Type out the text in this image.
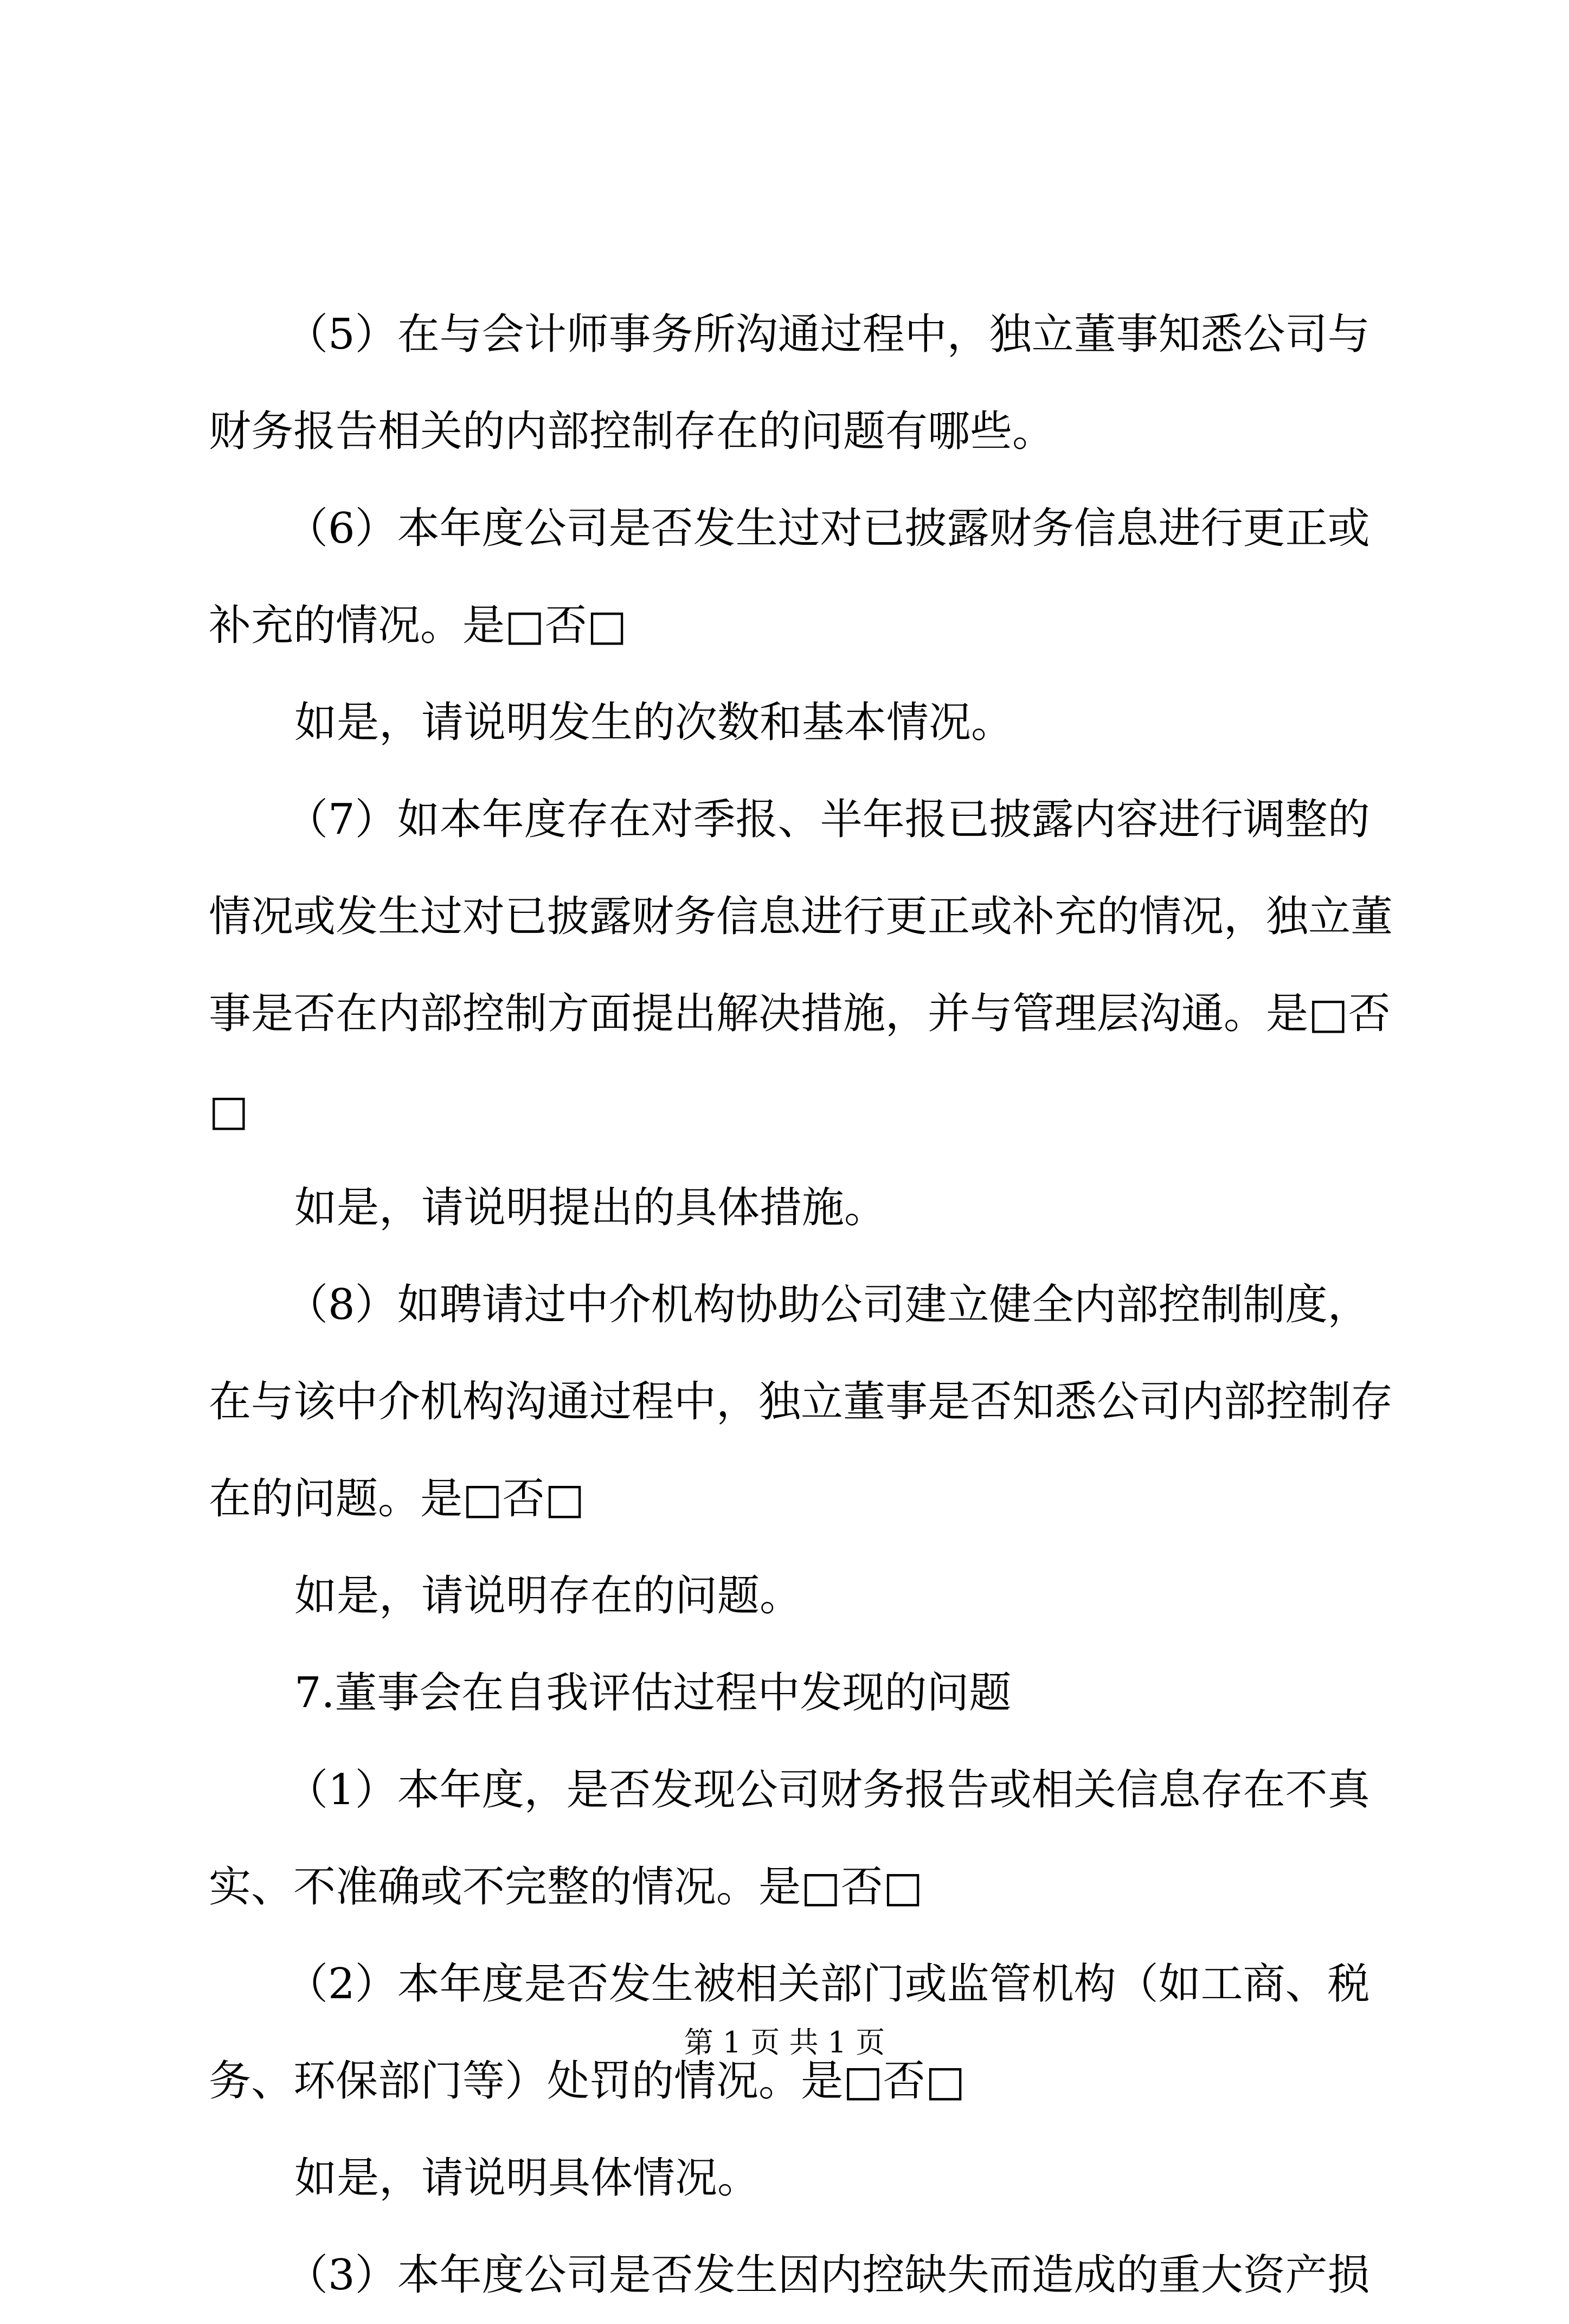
（5）在与会计师事务所沟通过程中，独立董事知悉公司与
财务报告相关的内部控制存在的问题有哪些。
（6）本年度公司是否发生过对已披露财务信息进行更正或
补充的情况。是□否□
如是，请说明发生的次数和基本情况。
（7）如本年度存在对季报、半年报已披露内容进行调整的
情况或发生过对已披露财务信息进行更正或补充的情况，独立董
事是否在内部控制方面提出解决措施，并与管理层沟通。是□否
□
如是，请说明提出的具体措施。
（8）如聘请过中介机构协助公司建立健全内部控制制度，
在与该中介机构沟通过程中，独立董事是否知悉公司内部控制存
在的问题。是□否□
如是，请说明存在的问题。
7.董事会在自我评估过程中发现的问题
（1）本年度，是否发现公司财务报告或相关信息存在不真
实、不准确或不完整的情况。是□否□
（2）本年度是否发生被相关部门或监管机构（如工商、税
务、环保部门等）处罚的情况。是□否□
如是，请说明具体情况。
（3）本年度公司是否发生因内控缺失而造成的重大资产损
第 1 页 共 1 页
